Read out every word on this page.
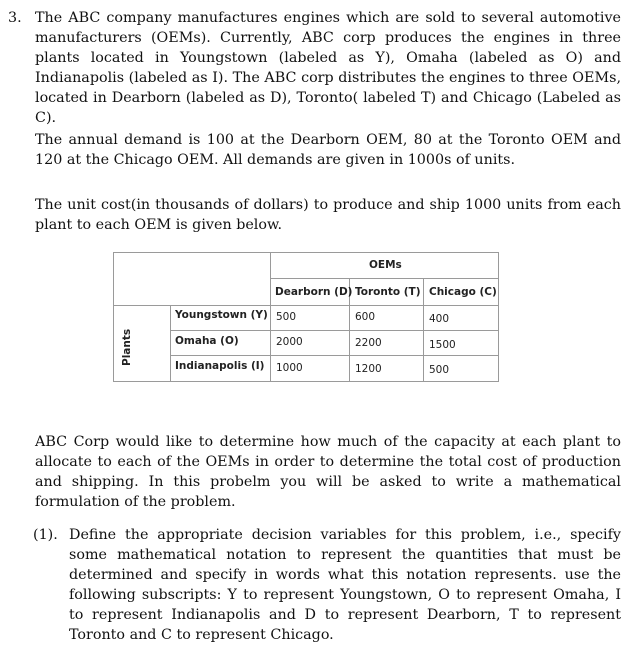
3. The ABC company manufactures engines which are sold to several automotive manufacturers (OEMs). Currently, ABC corp produces the engines in three plants located in Youngstown (labeled as Y), Omaha (labeled as O) and Indianapolis (labeled as I). The ABC corp distributes the engines to three OEMs, located in Dearborn (labeled as D), Toronto( labeled T) and Chicago (Labeled as C).

The annual demand is 100 at the Dearborn OEM, 80 at the Toronto OEM and 120 at the Chicago OEM. All demands are given in 1000s of units.

The unit cost(in thousands of dollars) to produce and ship 1000 units from each plant to each OEM is given below.

OEMs
Dearborn (D) Toronto (T) Chicago (C)
Plants
Youngstown (Y) 500	600	400
Omaha (O)	2000	2200	1500
Indianapolis (I) 1000	1200	500

ABC Corp would like to determine how much of the capacity at each plant to allocate to each of the OEMs in order to determine the total cost of production and shipping. In this probelm you will be asked to write a mathematical formulation of the problem.

(1). Define the appropriate decision variables for this problem, i.e., specify some mathematical notation to represent the quantities that must be determined and specify in words what this notation represents. use the following subscripts: Y to represent Youngstown, O to represent Omaha, I to represent Indianapolis and D to represent Dearborn, T to represent Toronto and C to represent Chicago.
